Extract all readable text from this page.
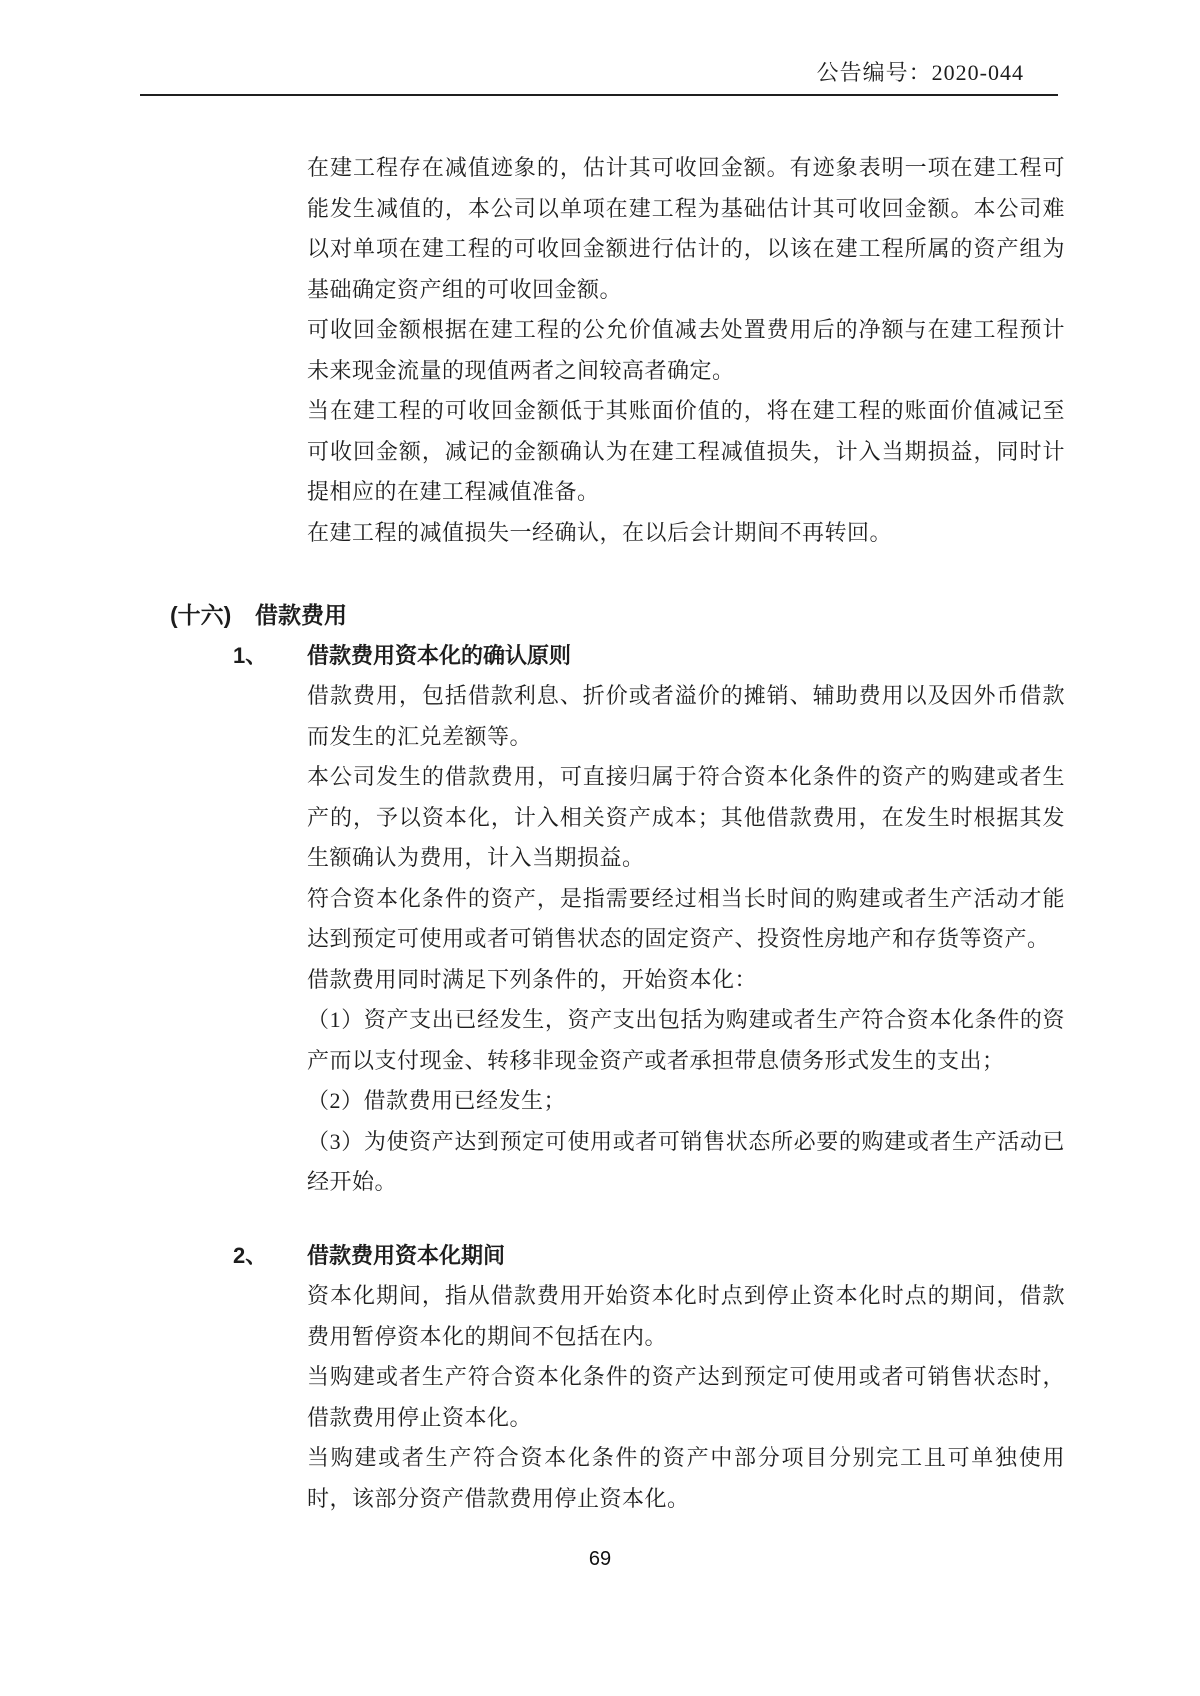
公告编号：2020-044

在建工程存在减值迹象的，估计其可收回金额。有迹象表明一项在建工程可能发生减值的，本公司以单项在建工程为基础估计其可收回金额。本公司难以对单项在建工程的可收回金额进行估计的，以该在建工程所属的资产组为基础确定资产组的可收回金额。

可收回金额根据在建工程的公允价值减去处置费用后的净额与在建工程预计未来现金流量的现值两者之间较高者确定。

当在建工程的可收回金额低于其账面价值的，将在建工程的账面价值减记至可收回金额，减记的金额确认为在建工程减值损失，计入当期损益，同时计提相应的在建工程减值准备。

在建工程的减值损失一经确认，在以后会计期间不再转回。

(十六)	借款费用
1、	借款费用资本化的确认原则

借款费用，包括借款利息、折价或者溢价的摊销、辅助费用以及因外币借款而发生的汇兑差额等。

本公司发生的借款费用，可直接归属于符合资本化条件的资产的购建或者生产的，予以资本化，计入相关资产成本；其他借款费用，在发生时根据其发生额确认为费用，计入当期损益。

符合资本化条件的资产，是指需要经过相当长时间的购建或者生产活动才能达到预定可使用或者可销售状态的固定资产、投资性房地产和存货等资产。

借款费用同时满足下列条件的，开始资本化：

（1）资产支出已经发生，资产支出包括为购建或者生产符合资本化条件的资产而以支付现金、转移非现金资产或者承担带息债务形式发生的支出；

（2）借款费用已经发生；

（3）为使资产达到预定可使用或者可销售状态所必要的购建或者生产活动已经开始。

2、	借款费用资本化期间

资本化期间，指从借款费用开始资本化时点到停止资本化时点的期间，借款费用暂停资本化的期间不包括在内。

当购建或者生产符合资本化条件的资产达到预定可使用或者可销售状态时，借款费用停止资本化。

当购建或者生产符合资本化条件的资产中部分项目分别完工且可单独使用时，该部分资产借款费用停止资本化。

69
